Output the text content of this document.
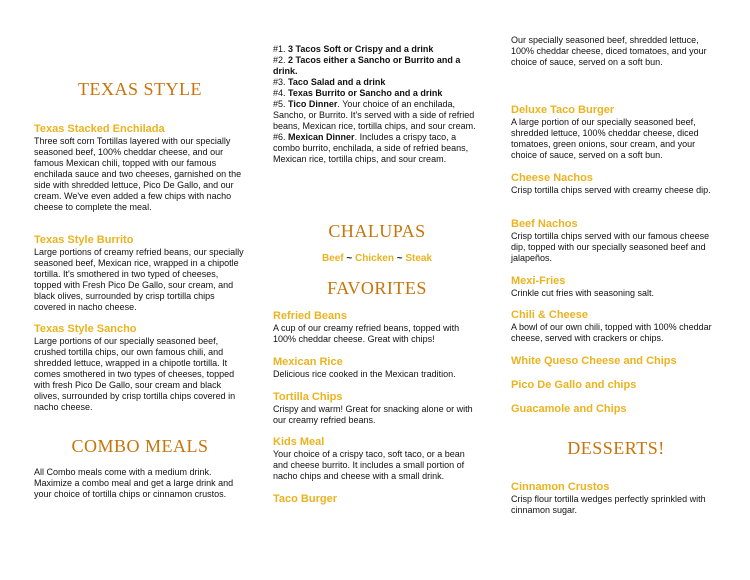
TEXAS STYLE
Texas Stacked Enchilada

Three soft corn Tortillas layered with our specially seasoned beef, 100% cheddar cheese, and our famous Mexican chili, topped with our famous enchilada sauce and two cheeses, garnished on the side with shredded lettuce, Pico De Gallo, and our cream. We've even added a few chips with nacho cheese to complete the meal.

Texas Style Burrito

Large portions of creamy refried beans, our specially seasoned beef, Mexican rice, wrapped in a chipotle tortilla. It's smothered in two typed of cheeses, topped with Fresh Pico De Gallo, sour cream, and black olives, surrounded by crisp tortilla chips covered in nacho cheese.

Texas Style Sancho

Large portions of our specially seasoned beef, crushed tortilla chips, our own famous chili, and shredded lettuce, wrapped in a chipotle tortilla. It comes smothered in two types of cheeses, topped with fresh Pico De Gallo, sour cream and black olives, surrounded by crisp tortilla chips covered in nacho cheese.

COMBO MEALS

All Combo meals come with a medium drink. Maximize a combo meal and get a large drink and your choice of tortilla chips or cinnamon crustos.

#1. 3 Tacos Soft or Crispy and a drink
#2. 2 Tacos either a Sancho or Burrito and a drink.
#3. Taco Salad and a drink
#4. Texas Burrito or Sancho and a drink
#5. Tico Dinner. Your choice of an enchilada, Sancho, or Burrito. It's served with a side of refried beans, Mexican rice, tortilla chips, and sour cream.
#6. Mexican Dinner. Includes a crispy taco, a combo burrito, enchilada, a side of refried beans, Mexican rice, tortilla chips, and sour cream.
CHALUPAS
Beef ~ Chicken ~ Steak
FAVORITES
Refried Beans

A cup of our creamy refried beans, topped with 100% cheddar cheese. Great with chips!

Mexican Rice

Delicious rice cooked in the Mexican tradition.

Tortilla Chips

Crispy and warm! Great for snacking alone or with our creamy refried beans.

Kids Meal

Your choice of a crispy taco, soft taco, or a bean and cheese burrito. It includes a small portion of nacho chips and cheese with a small drink.

Taco Burger

Our specially seasoned beef, shredded lettuce, 100% cheddar cheese, diced tomatoes, and your choice of sauce, served on a soft bun.

Deluxe Taco Burger

A large portion of our specially seasoned beef, shredded lettuce, 100% cheddar cheese, diced tomatoes, green onions, sour cream, and your choice of sauce, served on a soft bun.

Cheese Nachos

Crisp tortilla chips served with creamy cheese dip.

Beef Nachos

Crisp tortilla chips served with our famous cheese dip, topped with our specially seasoned beef and jalapeños.

Mexi-Fries

Crinkle cut fries with seasoning salt.

Chili & Cheese

A bowl of our own chili, topped with 100% cheddar cheese, served with crackers or chips.

White Queso Cheese and Chips
Pico De Gallo and chips
Guacamole and Chips
DESSERTS!
Cinnamon Crustos

Crisp flour tortilla wedges perfectly sprinkled with cinnamon sugar.
